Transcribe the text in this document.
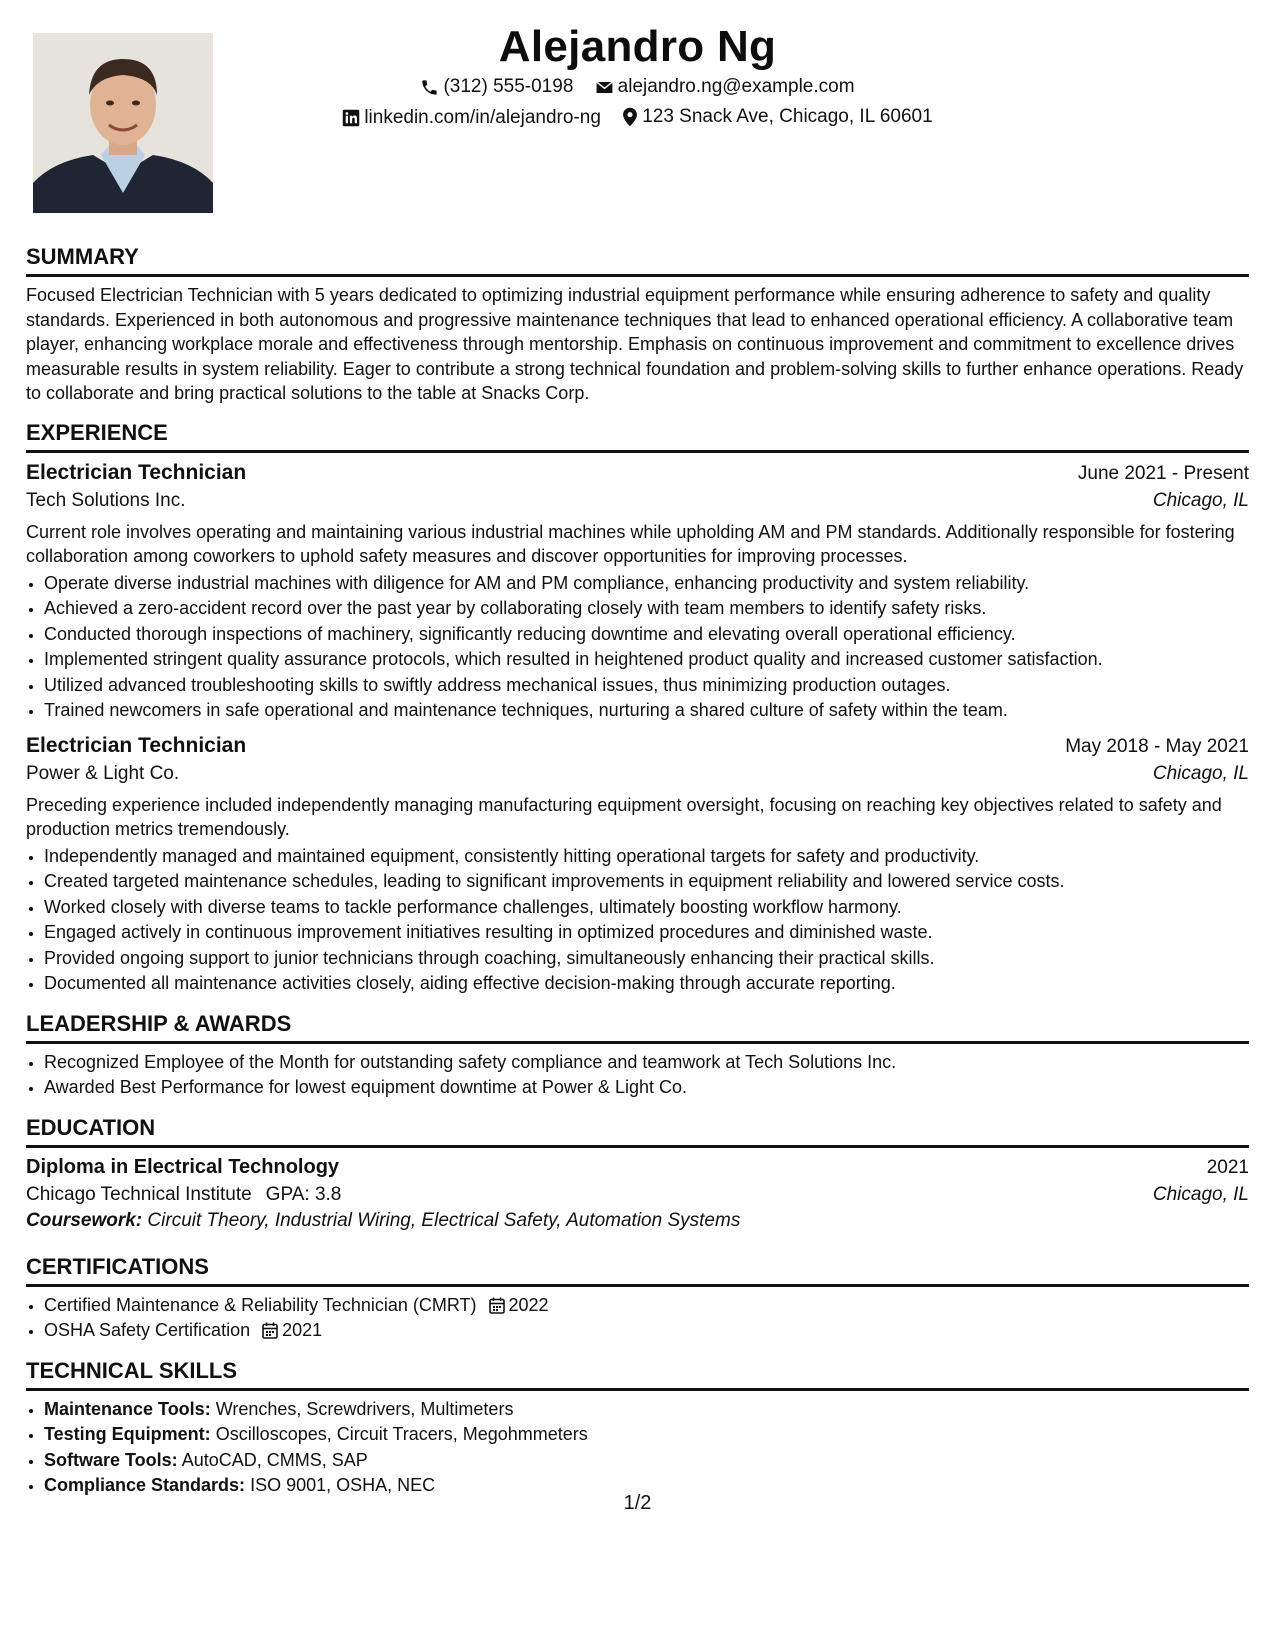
Alejandro Ng
(312) 555-0198
alejandro.ng@example.com
linkedin.com/in/alejandro-ng
123 Snack Ave, Chicago, IL 60601
SUMMARY

Focused Electrician Technician with 5 years dedicated to optimizing industrial equipment performance while ensuring adherence to safety and quality standards. Experienced in both autonomous and progressive maintenance techniques that lead to enhanced operational efficiency. A collaborative team player, enhancing workplace morale and effectiveness through mentorship. Emphasis on continuous improvement and commitment to excellence drives measurable results in system reliability. Eager to contribute a strong technical foundation and problem-solving skills to further enhance operations. Ready to collaborate and bring practical solutions to the table at Snacks Corp.

EXPERIENCE
Electrician Technician	June 2021 - Present
Tech Solutions Inc.	Chicago, IL

Current role involves operating and maintaining various industrial machines while upholding AM and PM standards. Additionally responsible for fostering collaboration among coworkers to uphold safety measures and discover opportunities for improving processes.

• Operate diverse industrial machines with diligence for AM and PM compliance, enhancing productivity and system reliability.
• Achieved a zero-accident record over the past year by collaborating closely with team members to identify safety risks.
• Conducted thorough inspections of machinery, significantly reducing downtime and elevating overall operational efficiency.
• Implemented stringent quality assurance protocols, which resulted in heightened product quality and increased customer satisfaction.
• Utilized advanced troubleshooting skills to swiftly address mechanical issues, thus minimizing production outages.
• Trained newcomers in safe operational and maintenance techniques, nurturing a shared culture of safety within the team.
Electrician Technician	May 2018 - May 2021
Power & Light Co.	Chicago, IL

Preceding experience included independently managing manufacturing equipment oversight, focusing on reaching key objectives related to safety and production metrics tremendously.

• Independently managed and maintained equipment, consistently hitting operational targets for safety and productivity.
• Created targeted maintenance schedules, leading to significant improvements in equipment reliability and lowered service costs.
• Worked closely with diverse teams to tackle performance challenges, ultimately boosting workflow harmony.
• Engaged actively in continuous improvement initiatives resulting in optimized procedures and diminished waste.
• Provided ongoing support to junior technicians through coaching, simultaneously enhancing their practical skills.
• Documented all maintenance activities closely, aiding effective decision-making through accurate reporting.
LEADERSHIP & AWARDS
• Recognized Employee of the Month for outstanding safety compliance and teamwork at Tech Solutions Inc.
• Awarded Best Performance for lowest equipment downtime at Power & Light Co.
EDUCATION
Diploma in Electrical Technology	2021
Chicago Technical Institute GPA: 3.8	Chicago, IL
Coursework: Circuit Theory, Industrial Wiring, Electrical Safety, Automation Systems
CERTIFICATIONS
• Certified Maintenance & Reliability Technician (CMRT) 2022
• OSHA Safety Certification 2021
TECHNICAL SKILLS
• Maintenance Tools: Wrenches, Screwdrivers, Multimeters
• Testing Equipment: Oscilloscopes, Circuit Tracers, Megohmmeters
• Software Tools: AutoCAD, CMMS, SAP
• Compliance Standards: ISO 9001, OSHA, NEC
1/2
